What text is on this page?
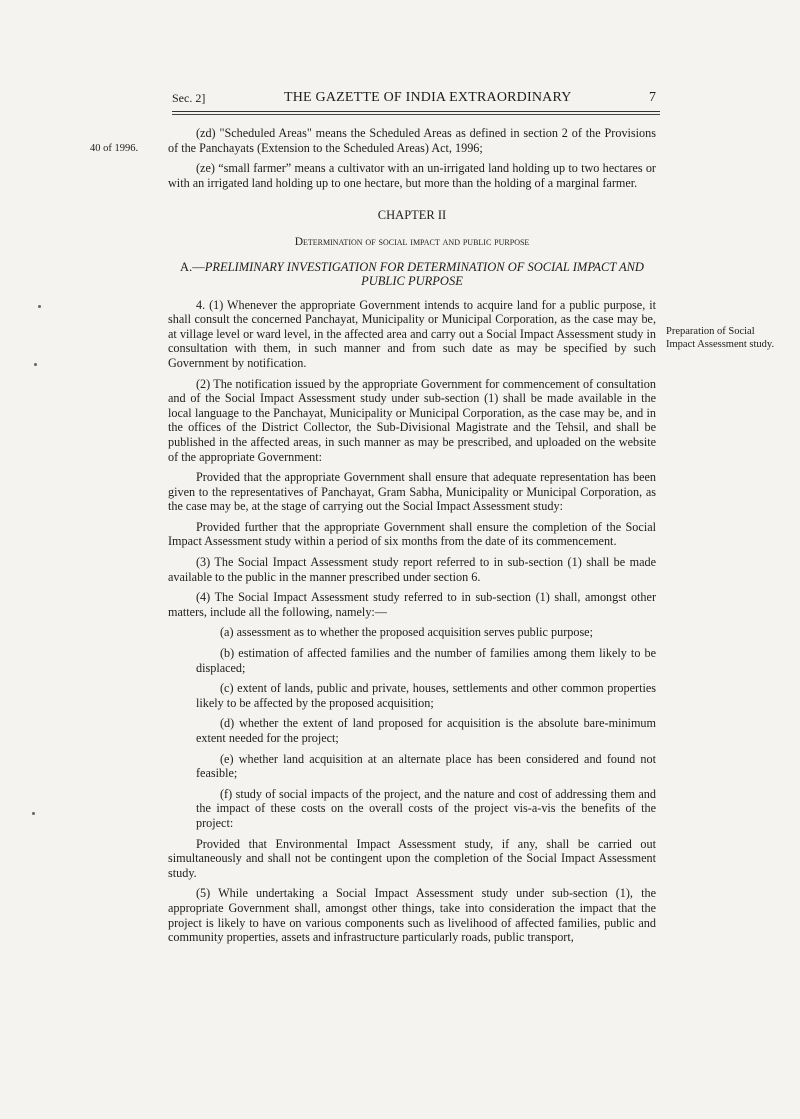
Sec. 2]	THE GAZETTE OF INDIA EXTRAORDINARY	7
40 of 1996.
Preparation of Social Impact Assessment study.

(zd) "Scheduled Areas" means the Scheduled Areas as defined in section 2 of the Provisions of the Panchayats (Extension to the Scheduled Areas) Act, 1996;

(ze) “small farmer” means a cultivator with an un-irrigated land holding up to two hectares or with an irrigated land holding up to one hectare, but more than the holding of a marginal farmer.

CHAPTER II

Determination of social impact and public purpose

A.—PRELIMINARY INVESTIGATION FOR DETERMINATION OF SOCIAL IMPACT AND PUBLIC PURPOSE

4. (1) Whenever the appropriate Government intends to acquire land for a public purpose, it shall consult the concerned Panchayat, Municipality or Municipal Corporation, as the case may be, at village level or ward level, in the affected area and carry out a Social Impact Assessment study in consultation with them, in such manner and from such date as may be specified by such Government by notification.

(2) The notification issued by the appropriate Government for commencement of consultation and of the Social Impact Assessment study under sub-section (1) shall be made available in the local language to the Panchayat, Municipality or Municipal Corporation, as the case may be, and in the offices of the District Collector, the Sub-Divisional Magistrate and the Tehsil, and shall be published in the affected areas, in such manner as may be prescribed, and uploaded on the website of the appropriate Government:

Provided that the appropriate Government shall ensure that adequate representation has been given to the representatives of Panchayat, Gram Sabha, Municipality or Municipal Corporation, as the case may be, at the stage of carrying out the Social Impact Assessment study:

Provided further that the appropriate Government shall ensure the completion of the Social Impact Assessment study within a period of six months from the date of its commencement.

(3) The Social Impact Assessment study report referred to in sub-section (1) shall be made available to the public in the manner prescribed under section 6.

(4) The Social Impact Assessment study referred to in sub-section (1) shall, amongst other matters, include all the following, namely:—

(a) assessment as to whether the proposed acquisition serves public purpose;

(b) estimation of affected families and the number of families among them likely to be displaced;

(c) extent of lands, public and private, houses, settlements and other common properties likely to be affected by the proposed acquisition;

(d) whether the extent of land proposed for acquisition is the absolute bare-minimum extent needed for the project;

(e) whether land acquisition at an alternate place has been considered and found not feasible;

(f) study of social impacts of the project, and the nature and cost of addressing them and the impact of these costs on the overall costs of the project vis-a-vis the benefits of the project:

Provided that Environmental Impact Assessment study, if any, shall be carried out simultaneously and shall not be contingent upon the completion of the Social Impact Assessment study.

(5) While undertaking a Social Impact Assessment study under sub-section (1), the appropriate Government shall, amongst other things, take into consideration the impact that the project is likely to have on various components such as livelihood of affected families, public and community properties, assets and infrastructure particularly roads, public transport,
